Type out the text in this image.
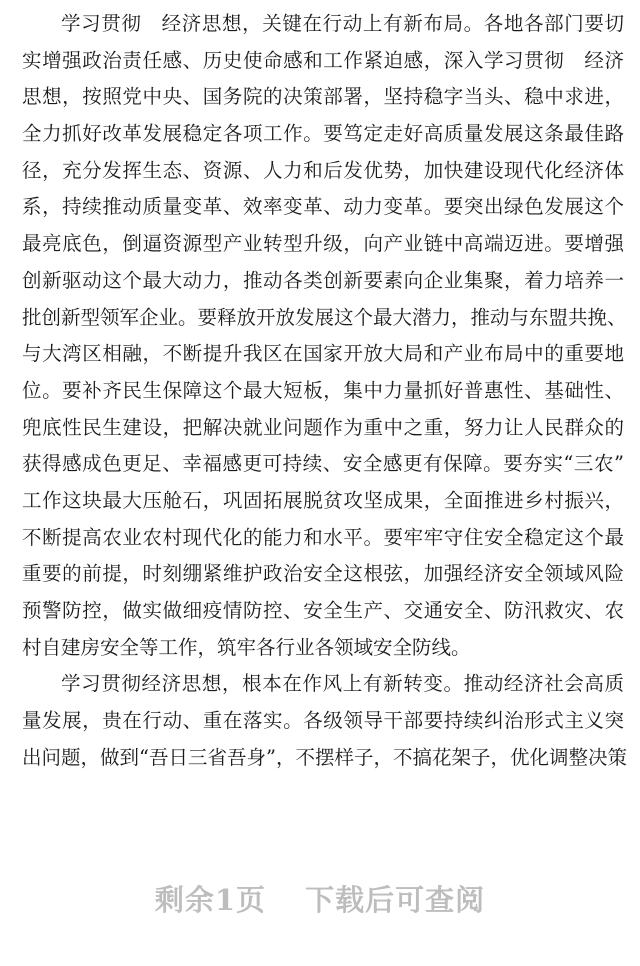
学习贯彻　经济思想，关键在行动上有新布局。各地各部门要切
实增强政治责任感、历史使命感和工作紧迫感，深入学习贯彻　经济
思想，按照党中央、国务院的决策部署，坚持稳字当头、稳中求进，
全力抓好改革发展稳定各项工作。要笃定走好高质量发展这条最佳路
径，充分发挥生态、资源、人力和后发优势，加快建设现代化经济体
系，持续推动质量变革、效率变革、动力变革。要突出绿色发展这个
最亮底色，倒逼资源型产业转型升级，向产业链中高端迈进。要增强
创新驱动这个最大动力，推动各类创新要素向企业集聚，着力培养一
批创新型领军企业。要释放开放发展这个最大潜力，推动与东盟共挽、
与大湾区相融，不断提升我区在国家开放大局和产业布局中的重要地
位。要补齐民生保障这个最大短板，集中力量抓好普惠性、基础性、
兜底性民生建设，把解决就业问题作为重中之重，努力让人民群众的
获得感成色更足、幸福感更可持续、安全感更有保障。要夯实“三农”
工作这块最大压舱石，巩固拓展脱贫攻坚成果，全面推进乡村振兴，
不断提高农业农村现代化的能力和水平。要牢牢守住安全稳定这个最
重要的前提，时刻绷紧维护政治安全这根弦，加强经济安全领域风险
预警防控，做实做细疫情防控、安全生产、交通安全、防汛救灾、农
村自建房安全等工作，筑牢各行业各领域安全防线。
学习贯彻经济思想，根本在作风上有新转变。推动经济社会高质
量发展，贵在行动、重在落实。各级领导干部要持续纠治形式主义突
出问题，做到“吾日三省吾身”，不摆样子，不搞花架子，优化调整决策
剩余1页 下载后可查阅
